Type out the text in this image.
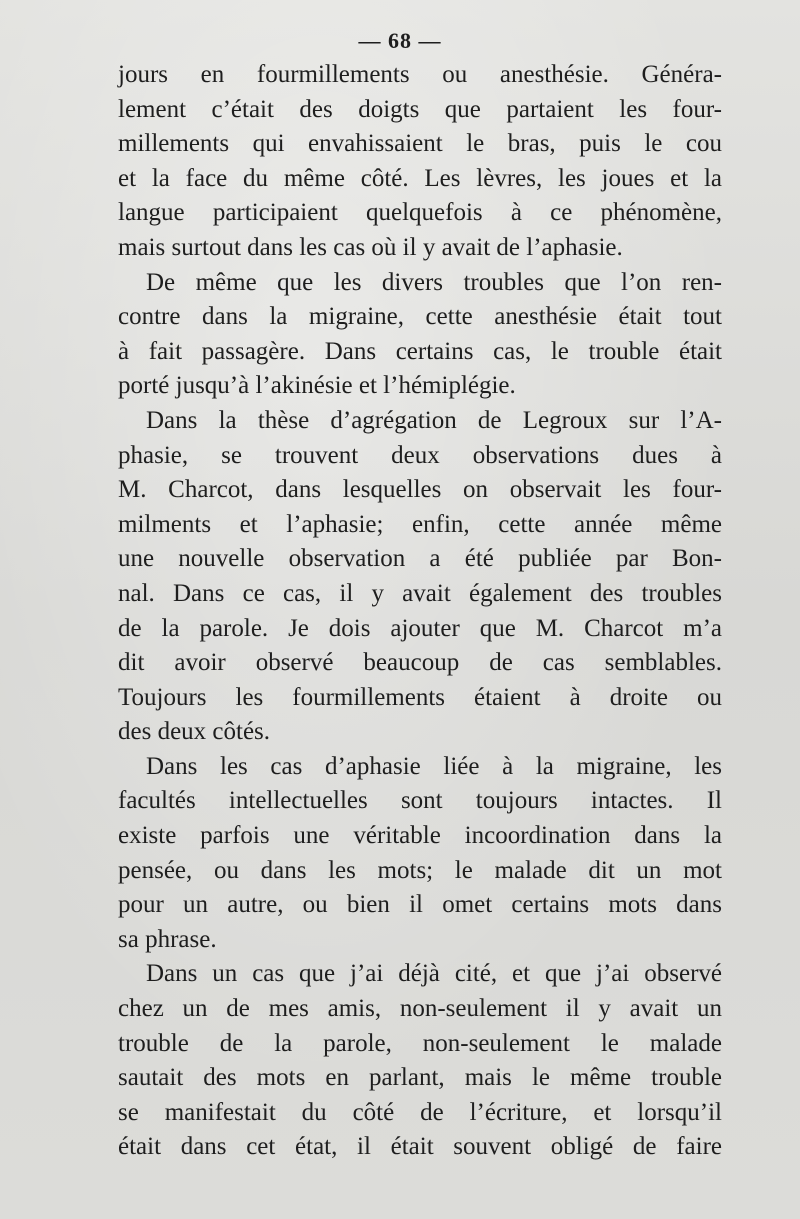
— 68 —
jours en fourmillements ou anesthésie. Généra-
lement c’était des doigts que partaient les four-
millements qui envahissaient le bras, puis le cou
et la face du même côté. Les lèvres, les joues et la
langue participaient quelquefois à ce phénomène,
mais surtout dans les cas où il y avait de l’aphasie.
De même que les divers troubles que l’on ren-
contre dans la migraine, cette anesthésie était tout
à fait passagère. Dans certains cas, le trouble était
porté jusqu’à l’akinésie et l’hémiplégie.
Dans la thèse d’agrégation de Legroux sur l’A-
phasie, se trouvent deux observations dues à
M. Charcot, dans lesquelles on observait les four-
milments et l’aphasie; enfin, cette année même
une nouvelle observation a été publiée par Bon-
nal. Dans ce cas, il y avait également des troubles
de la parole. Je dois ajouter que M. Charcot m’a
dit avoir observé beaucoup de cas semblables.
Toujours les fourmillements étaient à droite ou
des deux côtés.
Dans les cas d’aphasie liée à la migraine, les
facultés intellectuelles sont toujours intactes. Il
existe parfois une véritable incoordination dans la
pensée, ou dans les mots; le malade dit un mot
pour un autre, ou bien il omet certains mots dans
sa phrase.
Dans un cas que j’ai déjà cité, et que j’ai observé
chez un de mes amis, non-seulement il y avait un
trouble de la parole, non-seulement le malade
sautait des mots en parlant, mais le même trouble
se manifestait du côté de l’écriture, et lorsqu’il
était dans cet état, il était souvent obligé de faire
